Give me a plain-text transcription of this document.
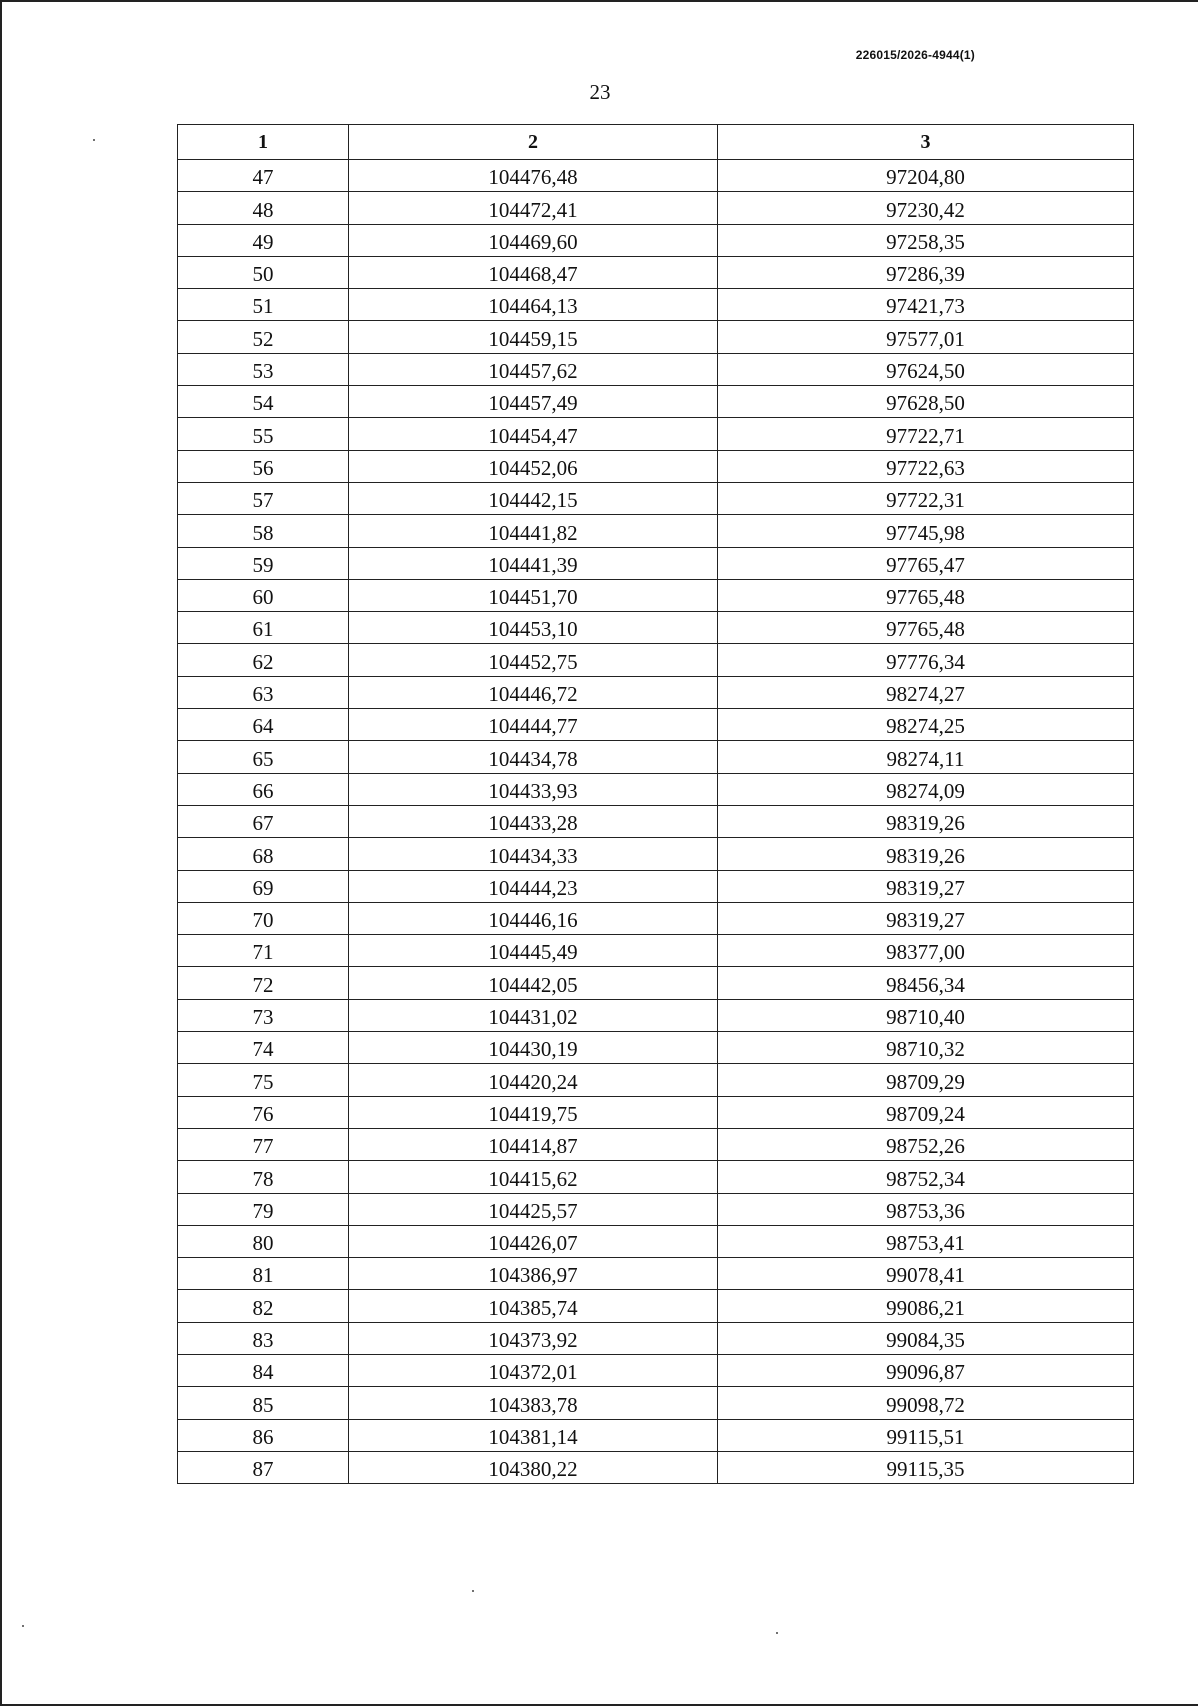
226015/2026-4944(1)
23
1	2	3
47	104476,48	97204,80
48	104472,41	97230,42
49	104469,60	97258,35
50	104468,47	97286,39
51	104464,13	97421,73
52	104459,15	97577,01
53	104457,62	97624,50
54	104457,49	97628,50
55	104454,47	97722,71
56	104452,06	97722,63
57	104442,15	97722,31
58	104441,82	97745,98
59	104441,39	97765,47
60	104451,70	97765,48
61	104453,10	97765,48
62	104452,75	97776,34
63	104446,72	98274,27
64	104444,77	98274,25
65	104434,78	98274,11
66	104433,93	98274,09
67	104433,28	98319,26
68	104434,33	98319,26
69	104444,23	98319,27
70	104446,16	98319,27
71	104445,49	98377,00
72	104442,05	98456,34
73	104431,02	98710,40
74	104430,19	98710,32
75	104420,24	98709,29
76	104419,75	98709,24
77	104414,87	98752,26
78	104415,62	98752,34
79	104425,57	98753,36
80	104426,07	98753,41
81	104386,97	99078,41
82	104385,74	99086,21
83	104373,92	99084,35
84	104372,01	99096,87
85	104383,78	99098,72
86	104381,14	99115,51
87	104380,22	99115,35
